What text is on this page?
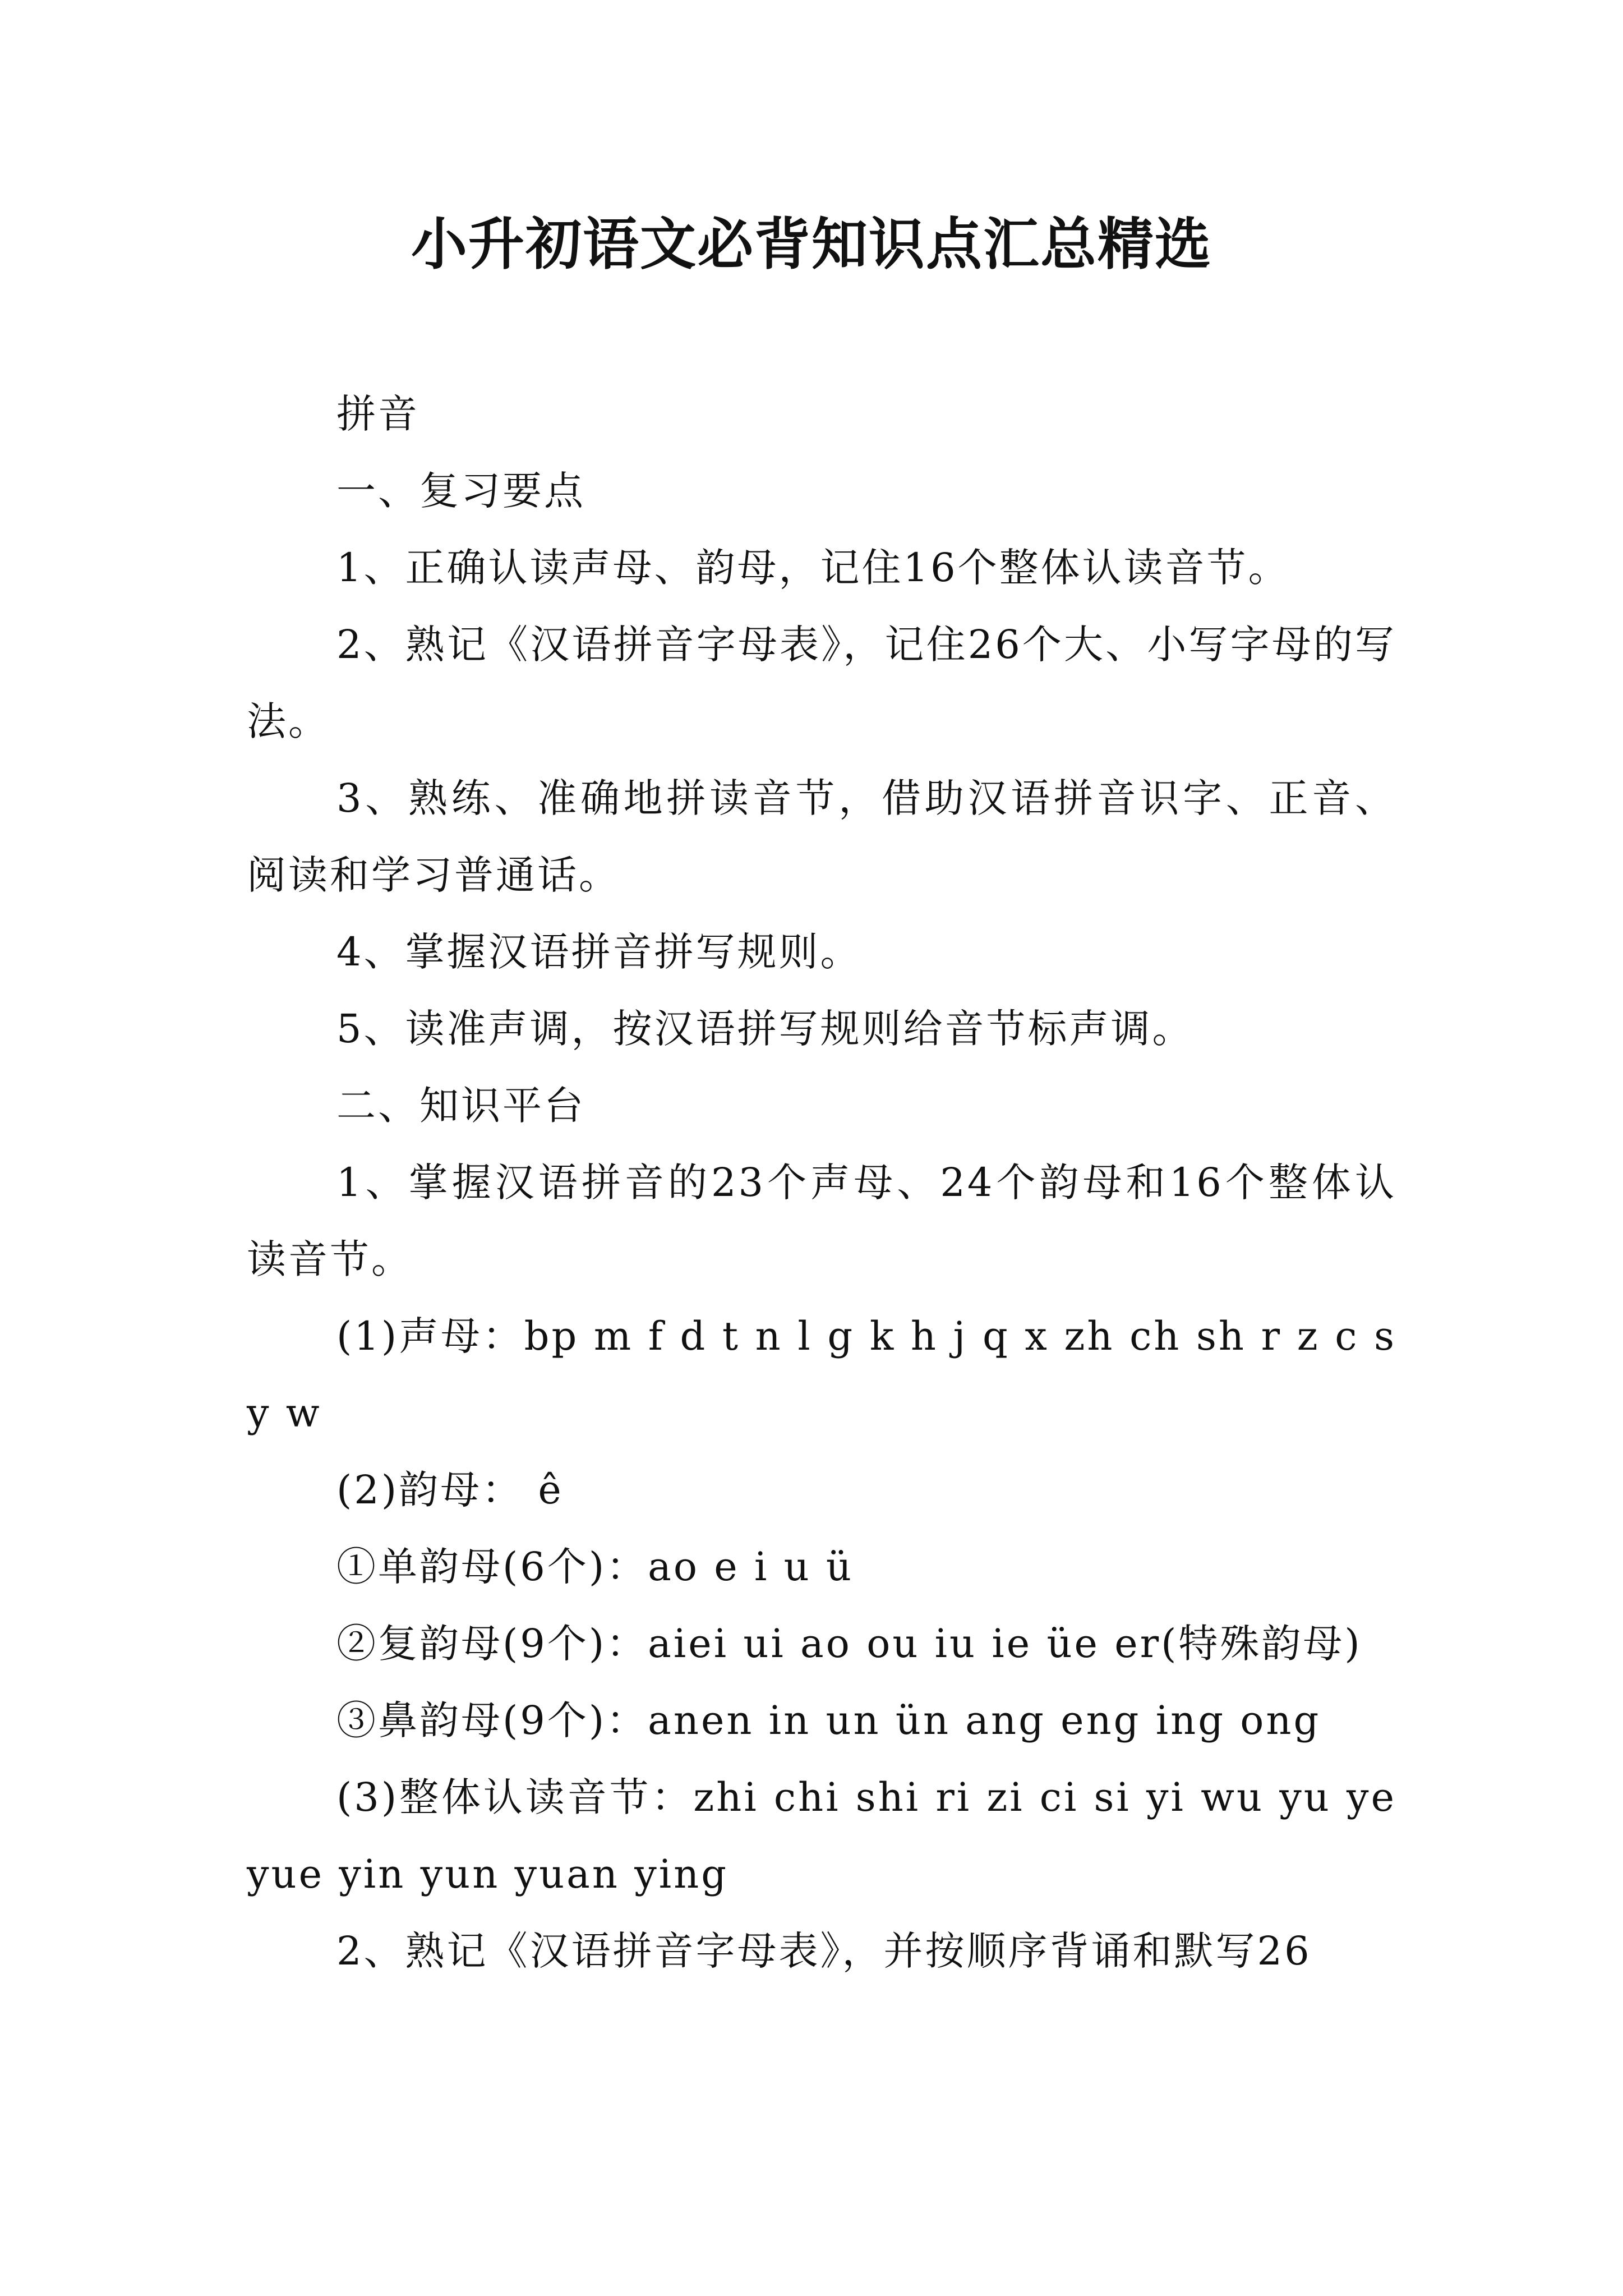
小升初语文必背知识点汇总精选

拼音

一、复习要点

1、正确认读声母、韵母，记住16个整体认读音节。

2、熟记《汉语拼音字母表》，记住26个大、小写字母的写法。

3、熟练、准确地拼读音节，借助汉语拼音识字、正音、阅读和学习普通话。

4、掌握汉语拼音拼写规则。

5、读准声调，按汉语拼写规则给音节标声调。

二、知识平台

1、掌握汉语拼音的23个声母、24个韵母和16个整体认读音节。

(1)声母：bp m f d t n l g k h j q x zh ch sh r z c s y w

(2)韵母： ê

①单韵母(6个)：ao e i u ü

②复韵母(9个)：aiei ui ao ou iu ie üe er(特殊韵母)

③鼻韵母(9个)：anen in un ün ang eng ing ong

(3)整体认读音节：zhi chi shi ri zi ci si yi wu yu ye yue yin yun yuan ying

2、熟记《汉语拼音字母表》，并按顺序背诵和默写26
